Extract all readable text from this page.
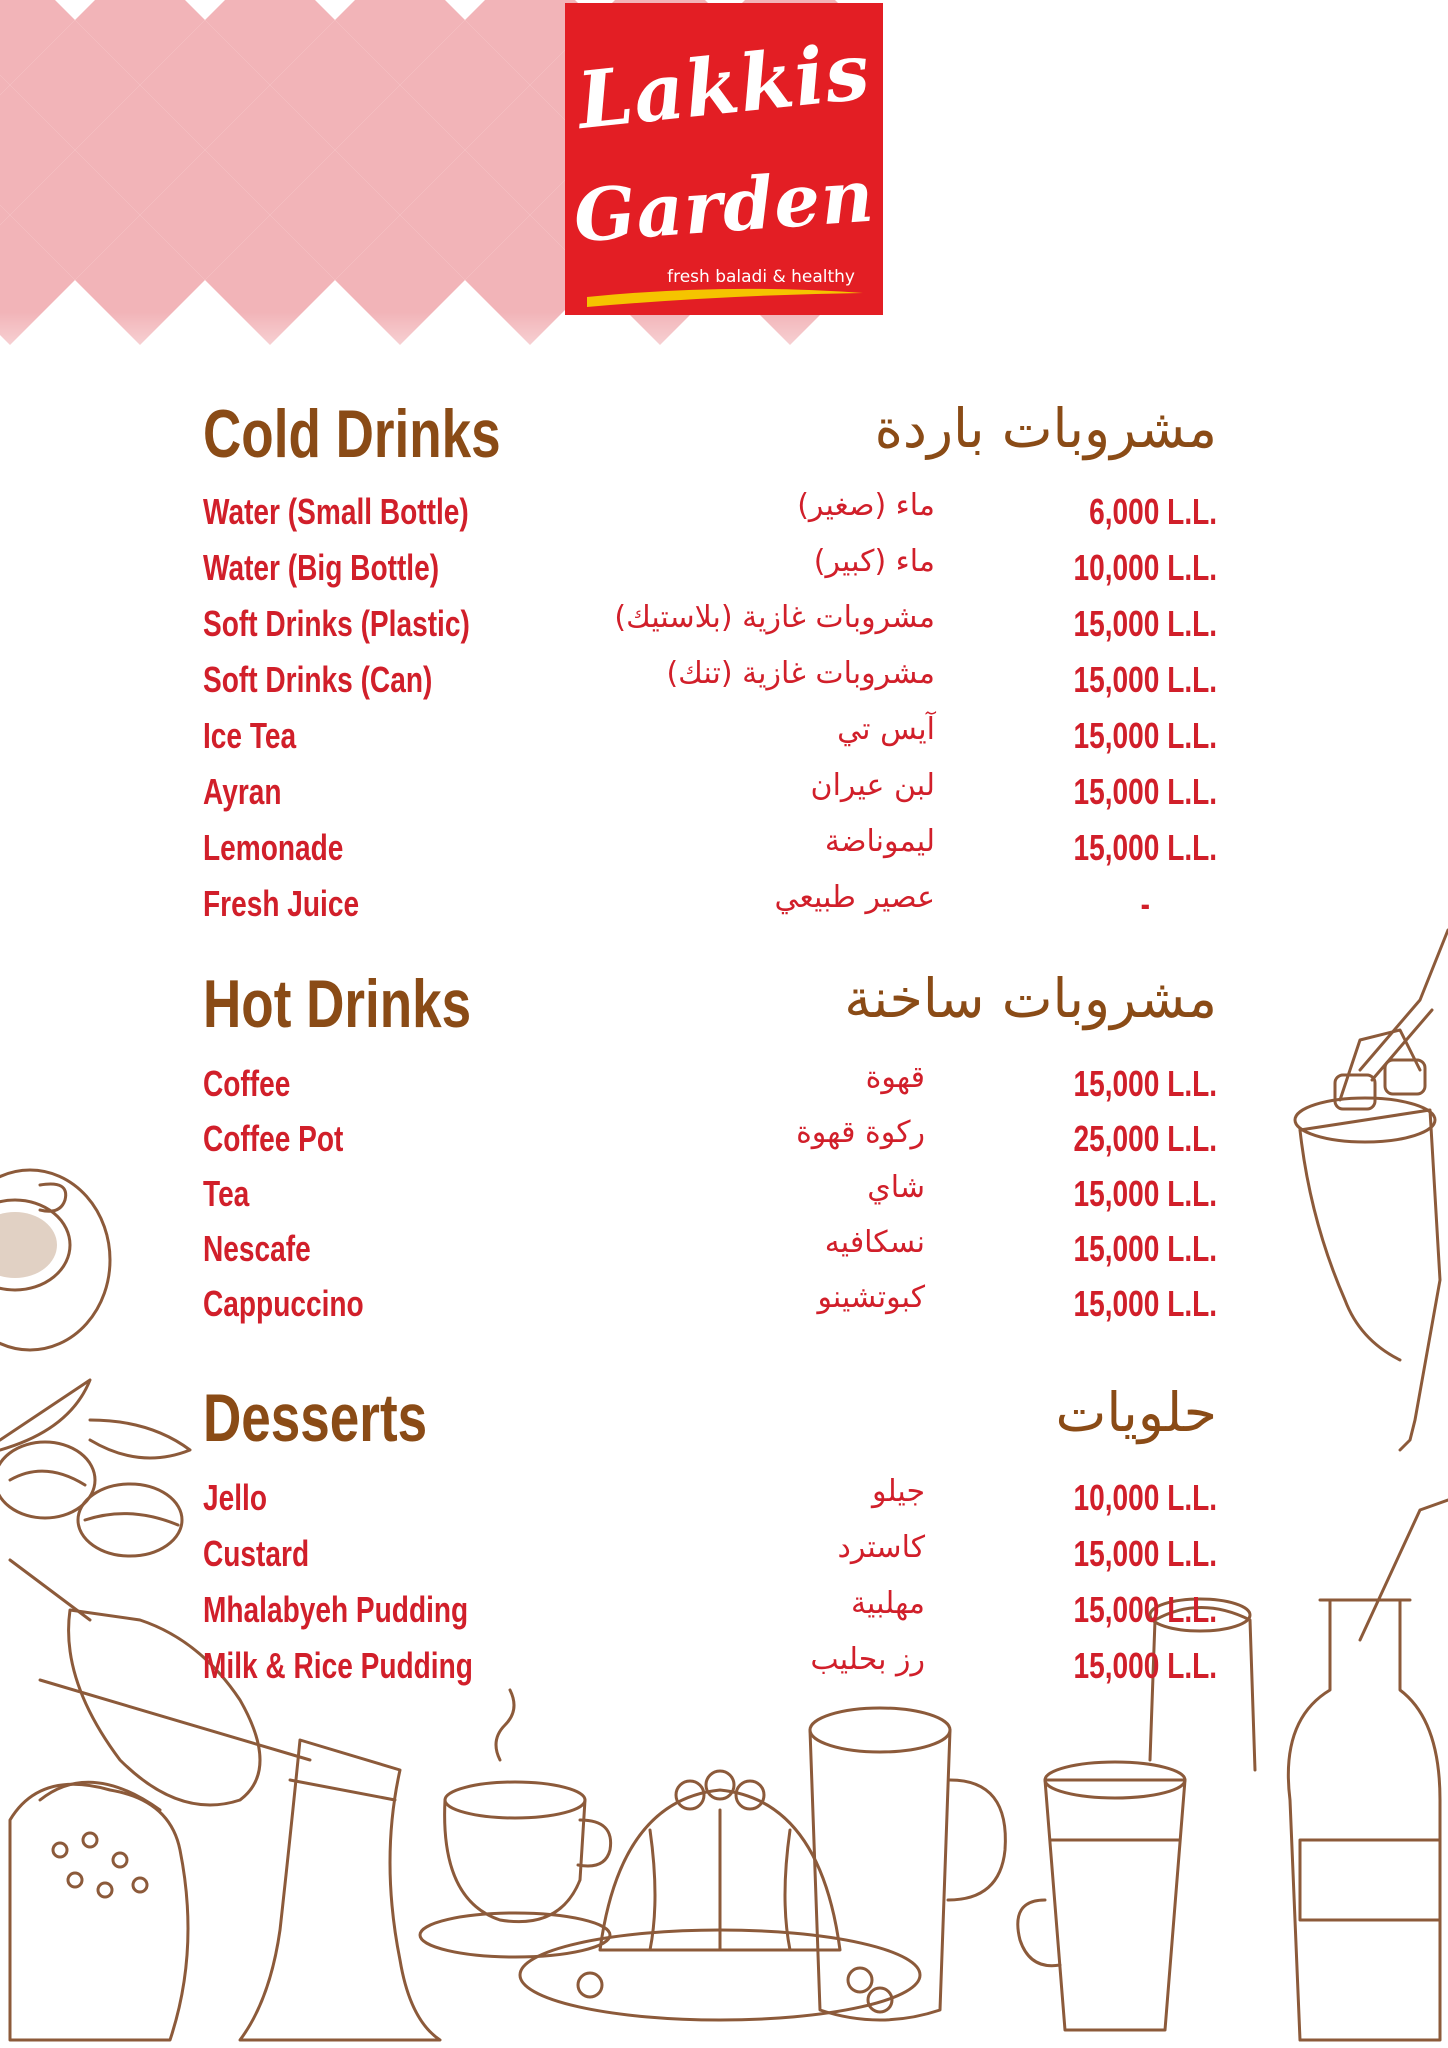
Lakkis
Garden
fresh baladi & healthy
Cold Drinks	مشروبات باردة
Water (Small Bottle)	ماء (صغير)	6,000 L.L.
Water (Big Bottle)	ماء (كبير)	10,000 L.L.
Soft Drinks (Plastic)	مشروبات غازية (بلاستيك)	15,000 L.L.
Soft Drinks (Can)	مشروبات غازية (تنك)	15,000 L.L.
Ice Tea	آيس تي	15,000 L.L.
Ayran	لبن عيران	15,000 L.L.
Lemonade	ليموناضة	15,000 L.L.
Fresh Juice	عصير طبيعي	-
Hot Drinks	مشروبات ساخنة
Coffee	قهوة	15,000 L.L.
Coffee Pot	ركوة قهوة	25,000 L.L.
Tea	شاي	15,000 L.L.
Nescafe	نسكافيه	15,000 L.L.
Cappuccino	كبوتشينو	15,000 L.L.
Desserts	حلويات
Jello	جيلو	10,000 L.L.
Custard	كاسترد	15,000 L.L.
Mhalabyeh Pudding	مهلبية	15,000 L.L.
Milk & Rice Pudding	رز بحليب	15,000 L.L.
